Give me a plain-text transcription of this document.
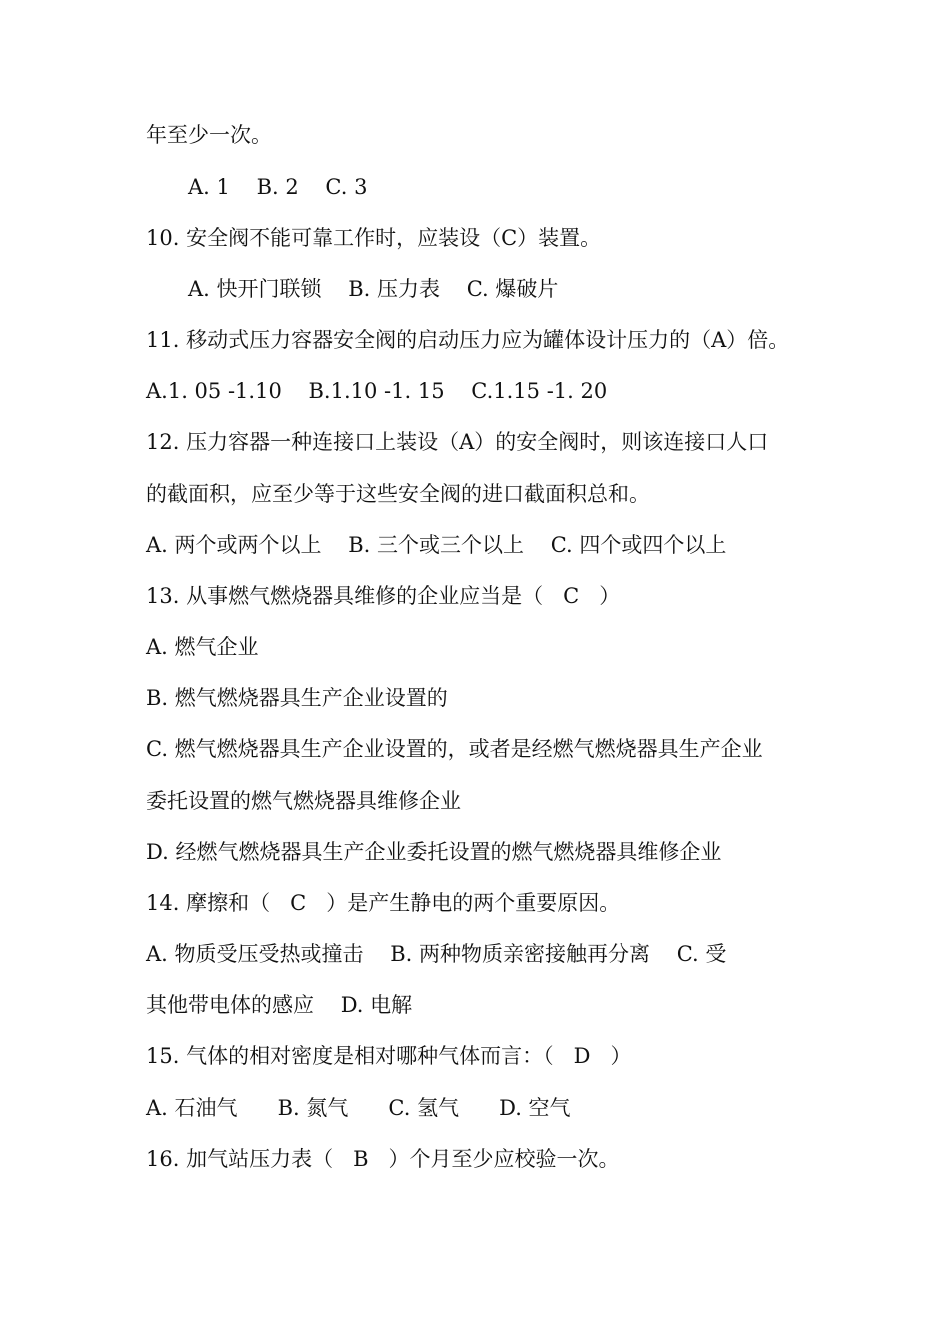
年至少一次。
A. 1    B. 2    C. 3
10. 安全阀不能可靠工作时，应装设（C）装置。
A. 快开门联锁    B. 压力表    C. 爆破片
11. 移动式压力容器安全阀的启动压力应为罐体设计压力的（A）倍。
A.1. 05 -1.10    B.1.10 -1. 15    C.1.15 -1. 20
12. 压力容器一种连接口上装设（A）的安全阀时，则该连接口人口
的截面积，应至少等于这些安全阀的进口截面积总和。
A. 两个或两个以上    B. 三个或三个以上    C. 四个或四个以上
13. 从事燃气燃烧器具维修的企业应当是（   C   ）
A. 燃气企业
B. 燃气燃烧器具生产企业设置的
C. 燃气燃烧器具生产企业设置的，或者是经燃气燃烧器具生产企业
委托设置的燃气燃烧器具维修企业
D. 经燃气燃烧器具生产企业委托设置的燃气燃烧器具维修企业
14. 摩擦和（   C   ）是产生静电的两个重要原因。
A. 物质受压受热或撞击    B. 两种物质亲密接触再分离    C. 受
其他带电体的感应    D. 电解
15. 气体的相对密度是相对哪种气体而言：（   D   ）
A. 石油气      B. 氮气      C. 氢气      D. 空气
16. 加气站压力表（   B   ）个月至少应校验一次。
